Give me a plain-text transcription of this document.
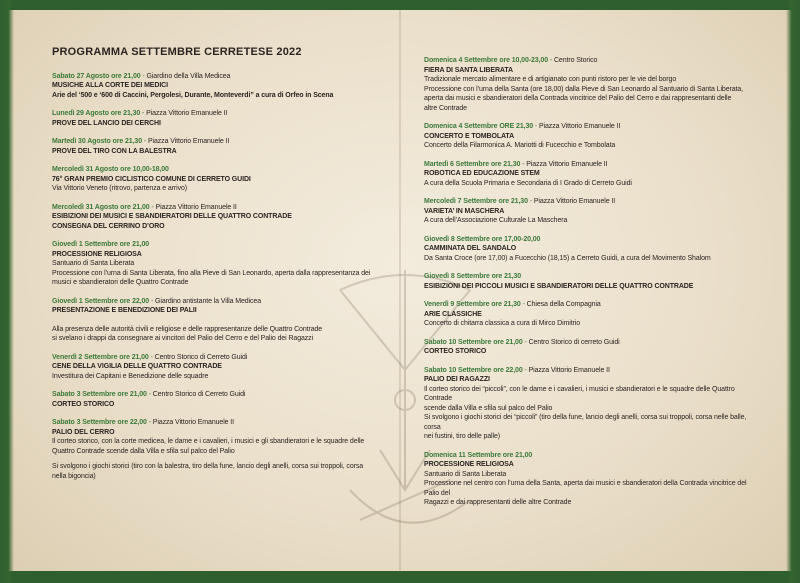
PROGRAMMA SETTEMBRE CERRETESE 2022
Sabato 27 Agosto ore 21,00 - Giardino della Villa Medicea
MUSICHE ALLA CORTE DEI MEDICI
Arie del ‘500 e ‘600 di Caccini, Pergolesi, Durante, Monteverdi” a cura di Orfeo in Scena
Lunedì 29 Agosto ore 21,30 - Piazza Vittorio Emanuele II
PROVE DEL LANCIO DEI CERCHI
Martedì 30 Agosto ore 21,30 - Piazza Vittorio Emanuele II
PROVE DEL TIRO CON LA BALESTRA
Mercoledì 31 Agosto ore 10,00-18,00
76° GRAN PREMIO CICLISTICO COMUNE DI CERRETO GUIDI
Via Vittorio Veneto (ritrovo, partenza e arrivo)
Mercoledì 31 Agosto ore 21,00 - Piazza Vittorio Emanuele II
ESIBIZIONI DEI MUSICI E SBANDIERATORI DELLE QUATTRO CONTRADE
CONSEGNA DEL CERRINO D’ORO
Giovedì 1 Settembre ore 21,00
PROCESSIONE RELIGIOSA
Santuario di Santa Liberata
Processione con l’urna di Santa Liberata, fino alla Pieve di San Leonardo, aperta dalla rappresentanza dei
musici e sbandieratori delle Quattro Contrade
Giovedì 1 Settembre ore 22,00 - Giardino antistante la Villa Medicea
PRESENTAZIONE E BENEDIZIONE DEI PALII
Alla presenza delle autorità civili e religiose e delle rappresentanze delle Quattro Contrade
si svelano i drappi da consegnare ai vincitori del Palio del Cerro e del Palio dei Ragazzi
Venerdì 2 Settembre ore 21,00 - Centro Storico di Cerreto Guidi
CENE DELLA VIGILIA DELLE QUATTRO CONTRADE
Investitura dei Capitani e Benedizione delle squadre
Sabato 3 Settembre ore 21,00 - Centro Storico di Cerreto Guidi
CORTEO STORICO
Sabato 3 Settembre ore 22,00 - Piazza Vittorio Emanuele II
PALIO DEL CERRO
Il corteo storico, con la corte medicea, le dame e i cavalieri, i musici e gli sbandieratori e le squadre delle
Quattro Contrade scende dalla Villa e sfila sul palco del Palio
Si svolgono i giochi storici (tiro con la balestra, tiro della fune, lancio degli anelli, corsa sui troppoli, corsa
nella bigoncia)
Domenica 4 Settembre ore 10,00-23,00 - Centro Storico
FIERA DI SANTA LIBERATA
Tradizionale mercato alimentare e di artigianato con punti ristoro per le vie del borgo
Processione con l’urna della Santa (ore 18,00) dalla Pieve di San Leonardo al Santuario di Santa Liberata,
aperta dai musici e sbandieratori della Contrada vincitrice del Palio del Cerro e dai rappresentanti delle
altre Contrade
Domenica 4 Settembre ORE 21,30 - Piazza Vittorio Emanuele II
CONCERTO E TOMBOLATA
Concerto della Filarmonica A. Mariotti di Fucecchio e Tombolata
Martedì 6 Settembre ore 21,30 - Piazza Vittorio Emanuele II
ROBOTICA ED EDUCAZIONE STEM
A cura della Scuola Primaria e Secondaria di I Grado di Cerreto Guidi
Mercoledì 7 Settembre ore 21,30 - Piazza Vittorio Emanuele II
VARIETA’ IN MASCHERA
A cura dell’Associazione Culturale La Maschera
Giovedì 8 Settembre ore 17,00-20,00
CAMMINATA DEL SANDALO
Da Santa Croce (ore 17,00) a Fucecchio (18,15) a Cerreto Guidi, a cura del Movimento Shalom
Giovedì 8 Settembre ore 21,30
ESIBIZIONI DEI PICCOLI MUSICI E SBANDIERATORI DELLE QUATTRO CONTRADE
Venerdì 9 Settembre ore 21,30 - Chiesa della Compagnia
ARIE CLASSICHE
Concerto di chitarra classica a cura di Mirco Dimitrio
Sabato 10 Settembre ore 21,00 - Centro Storico di cerreto Guidi
CORTEO STORICO
Sabato 10 Settembre ore 22,00 - Piazza Vittorio Emanuele II
PALIO DEI RAGAZZI
Il corteo storico dei “piccoli”, con le dame e i cavalieri, i musici e sbandieratori e le squadre delle Quattro Contrade
scende dalla Villa e sfila sul palco del Palio
Si svolgono i giochi storici dei “piccoli” (tiro della fune, lancio degli anelli, corsa sui troppoli, corsa nelle balle, corsa
nei fustini, tiro delle palle)
Domenica 11 Settembre ore 21,00
PROCESSIONE RELIGIOSA
Santuario di Santa Liberata
Processione nel centro con l’urna della Santa, aperta dai musici e sbandieratori della Contrada vincitrice del Palio del
Ragazzi e dai rappresentanti delle altre Contrade
